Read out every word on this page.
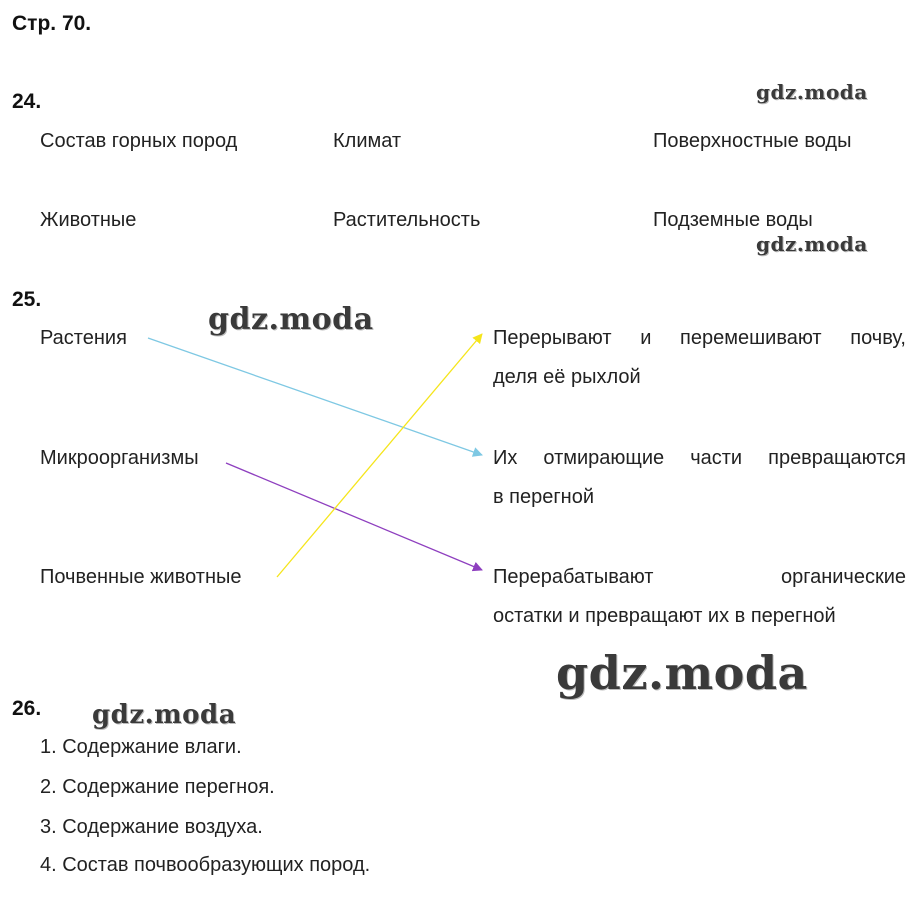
Стр. 70.
gdz.moda
gdz.moda
gdz.moda
gdz.moda
gdz.moda
24.
Состав горных пород	Климат	Поверхностные воды
Животные	Растительность	Подземные воды
25.
Растения
Микроорганизмы
Почвенные животные
Перерывают и перемешивают почву,
деля её рыхлой
Их отмирающие части превращаются
в перегной
Перерабатывают	органические
остатки и превращают их в перегной
26.
1. Содержание влаги.
2. Содержание перегноя.
3. Содержание воздуха.
4. Состав почвообразующих пород.
